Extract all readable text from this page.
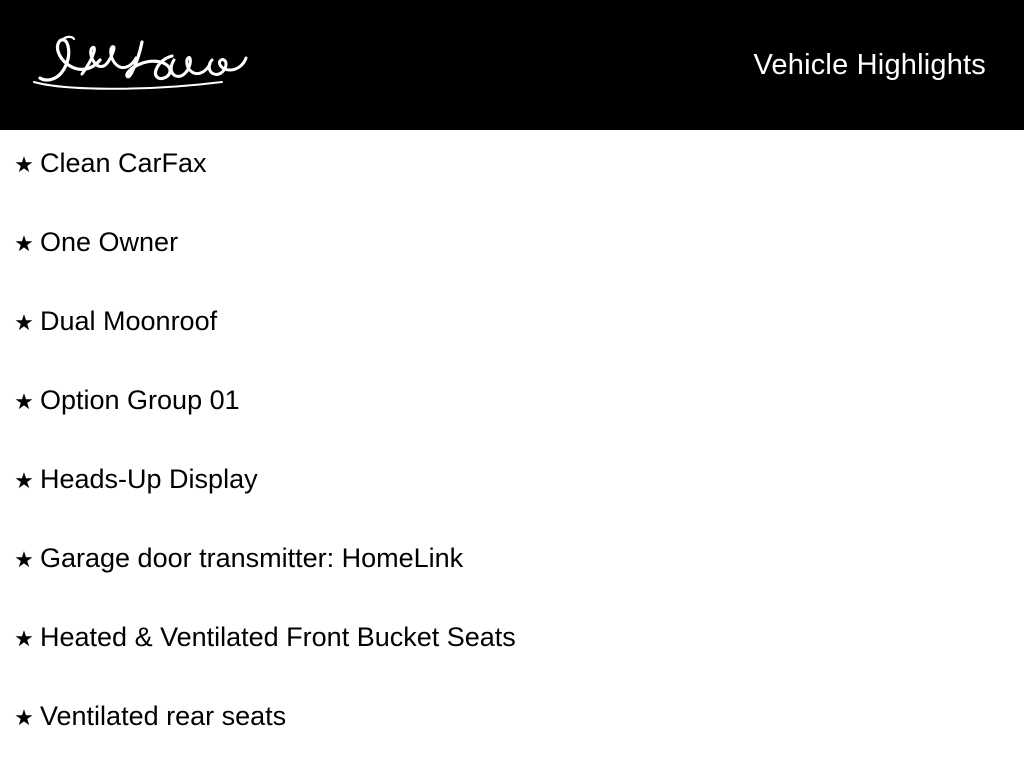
Vehicle Highlights
★ Clean CarFax
★ One Owner
★ Dual Moonroof
★ Option Group 01
★ Heads-Up Display
★ Garage door transmitter: HomeLink
★ Heated & Ventilated Front Bucket Seats
★ Ventilated rear seats
